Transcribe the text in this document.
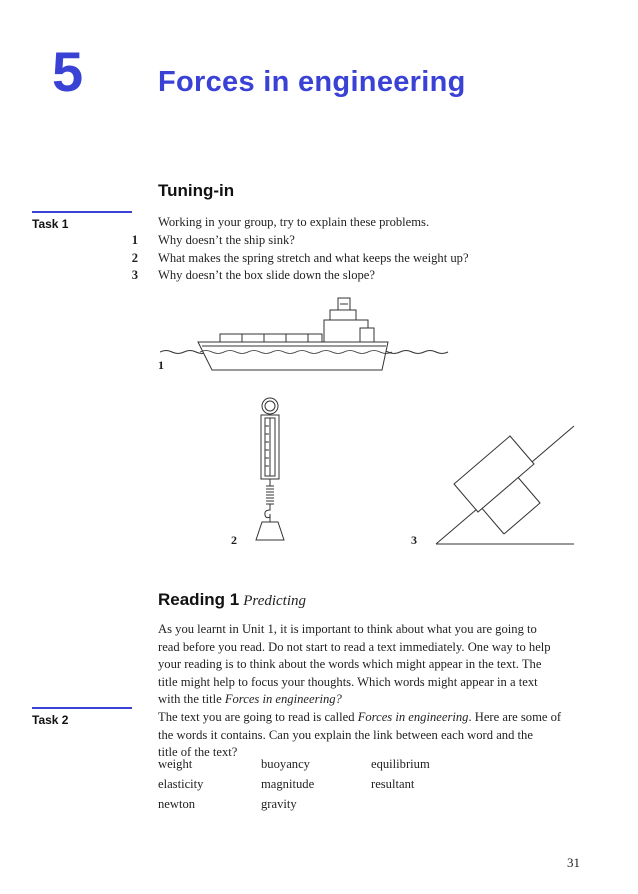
5	Forces in engineering
Tuning-in
Task 1	Working in your group, try to explain these problems.
1 Why doesn’t the ship sink?
2 What makes the spring stretch and what keeps the weight up?
3 Why doesn’t the box slide down the slope?
1
2	3
Reading 1 Predicting
As you learnt in Unit 1, it is important to think about what you are going to
read before you read. Do not start to read a text immediately. One way to help
your reading is to think about the words which might appear in the text. The
title might help to focus your thoughts. Which words might appear in a text
with the title Forces in engineering?
Task 2	The text you are going to read is called Forces in engineering. Here are some of
the words it contains. Can you explain the link between each word and the
title of the text?
weight	buoyancy	equilibrium
elasticity	magnitude	resultant
newton	gravity
31
